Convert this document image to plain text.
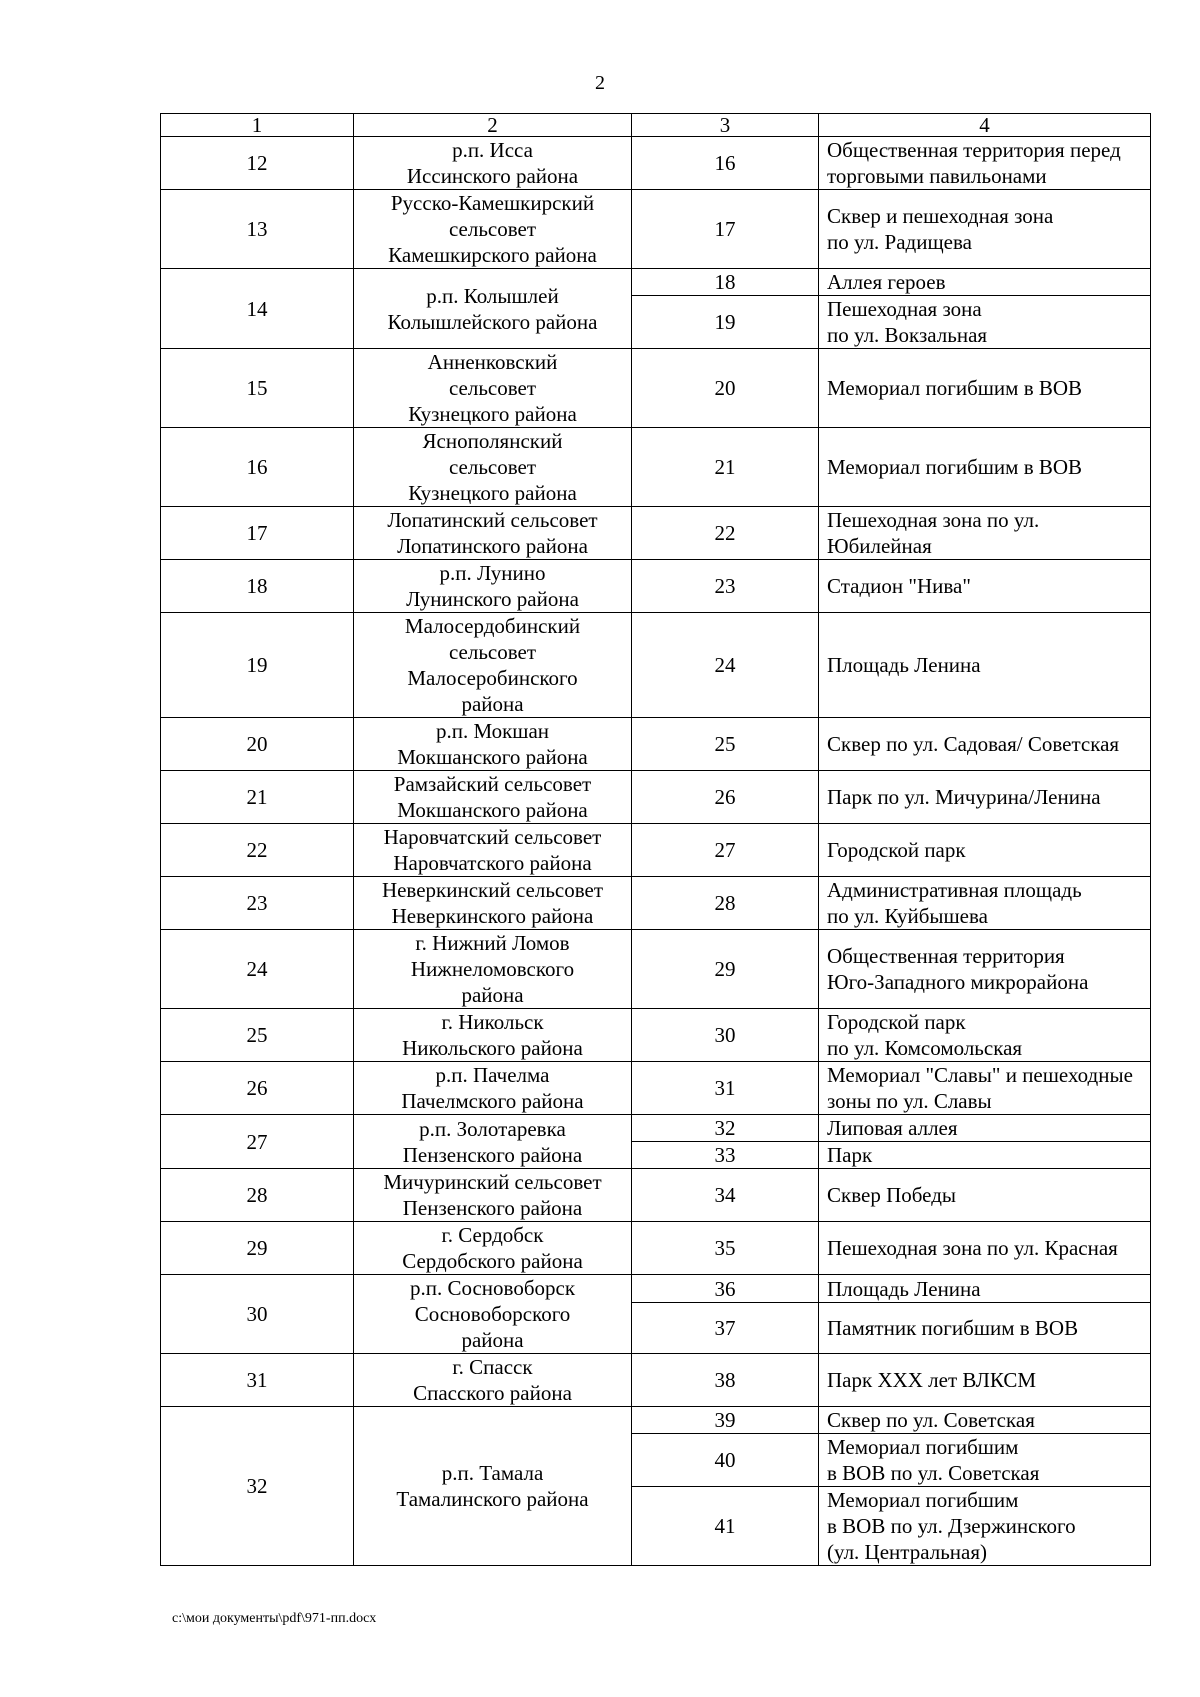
2
1	2	3	4
12	р.п. Исса
Иссинского района	16	Общественная территория перед
торговыми павильонами

13	Русско-Камешкирский
сельсовет
Камешкирского района	17	Сквер и пешеходная зона
по ул. Радищева

14	р.п. Колышлей
Колышлейского района	18	Аллея героев

		19	Пешеходная зона
по ул. Вокзальная

15	Анненковский
сельсовет
Кузнецкого района	20	Мемориал погибшим в ВОВ

16	Яснополянский
сельсовет
Кузнецкого района	21	Мемориал погибшим в ВОВ

17	Лопатинский сельсовет
Лопатинского района	22	Пешеходная зона по ул.
Юбилейная

18	р.п. Лунино
Лунинского района	23	Стадион "Нива"

19	Малосердобинский
сельсовет
Малосеробинского
района	24	Площадь Ленина

20	р.п. Мокшан
Мокшанского района	25	Сквер по ул. Садовая/ Советская

21	Рамзайский сельсовет
Мокшанского района	26	Парк по ул. Мичурина/Ленина

22	Наровчатский сельсовет
Наровчатского района	27	Городской парк

23	Неверкинский сельсовет
Неверкинского района	28	Административная площадь
по ул. Куйбышева

24	г. Нижний Ломов
Нижнеломовского
района	29	Общественная территория
Юго-Западного микрорайона

25	г. Никольск
Никольского района	30	Городской парк
по ул. Комсомольская

26	р.п. Пачелма
Пачелмского района	31	Мемориал "Славы" и пешеходные
зоны по ул. Славы

27	р.п. Золотаревка
Пензенского района	32	Липовая аллея

		33	Парк

28	Мичуринский сельсовет
Пензенского района	34	Сквер Победы

29	г. Сердобск
Сердобского района	35	Пешеходная зона по ул. Красная

30	р.п. Сосновоборск
Сосновоборского
района	36	Площадь Ленина

		37	Памятник погибшим в ВОВ

31	г. Спасск
Спасского района	38	Парк XXX лет ВЛКСМ

32	р.п. Тамала
Тамалинского района	39	Сквер по ул. Советская

		40	Мемориал погибшим
в ВОВ по ул. Советская

		41	Мемориал погибшим
в ВОВ по ул. Дзержинского
(ул. Центральная)
c:\мои документы\pdf\971-пп.docx
